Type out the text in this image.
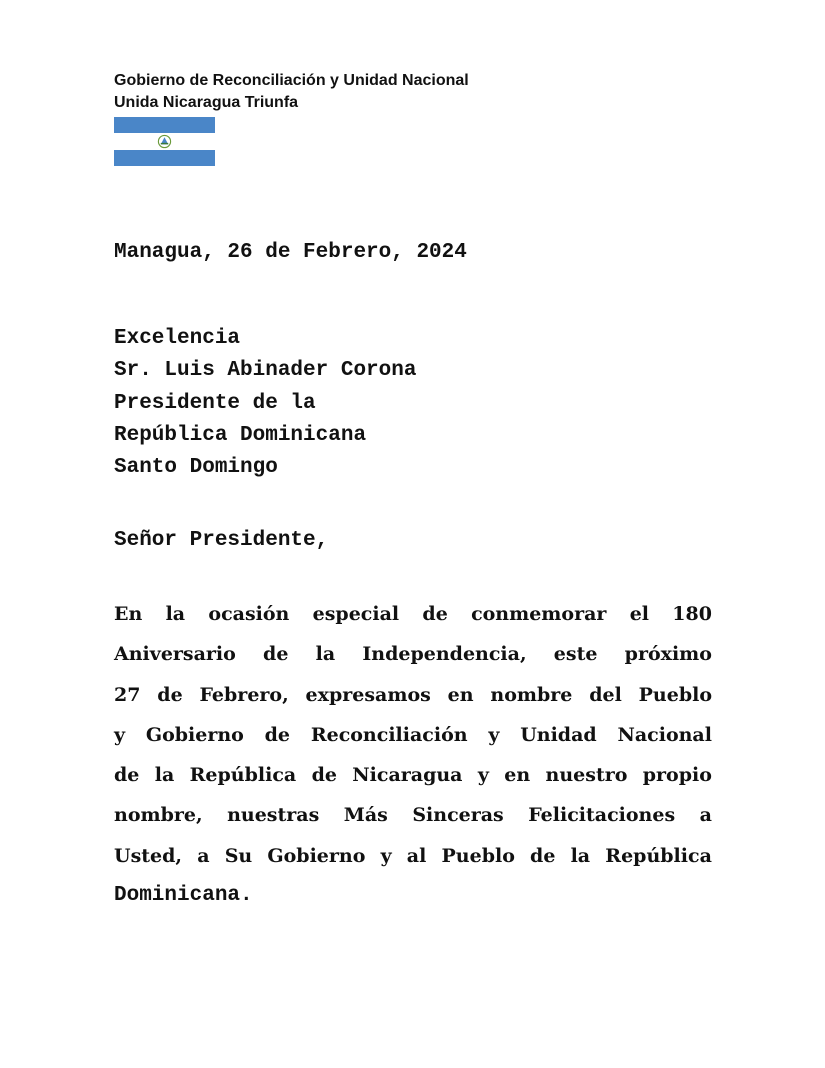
Gobierno de Reconciliación y Unidad Nacional
Unida Nicaragua Triunfa
Managua, 26 de Febrero, 2024
Excelencia
Sr. Luis Abinader Corona
Presidente de la
República Dominicana
Santo Domingo
Señor Presidente,
En la ocasión especial de conmemorar el 180
Aniversario de la Independencia, este próximo
27 de Febrero, expresamos en nombre del Pueblo
y Gobierno de Reconciliación y Unidad Nacional
de la República de Nicaragua y en nuestro propio
nombre, nuestras Más Sinceras Felicitaciones a
Usted, a Su Gobierno y al Pueblo de la República
Dominicana.
